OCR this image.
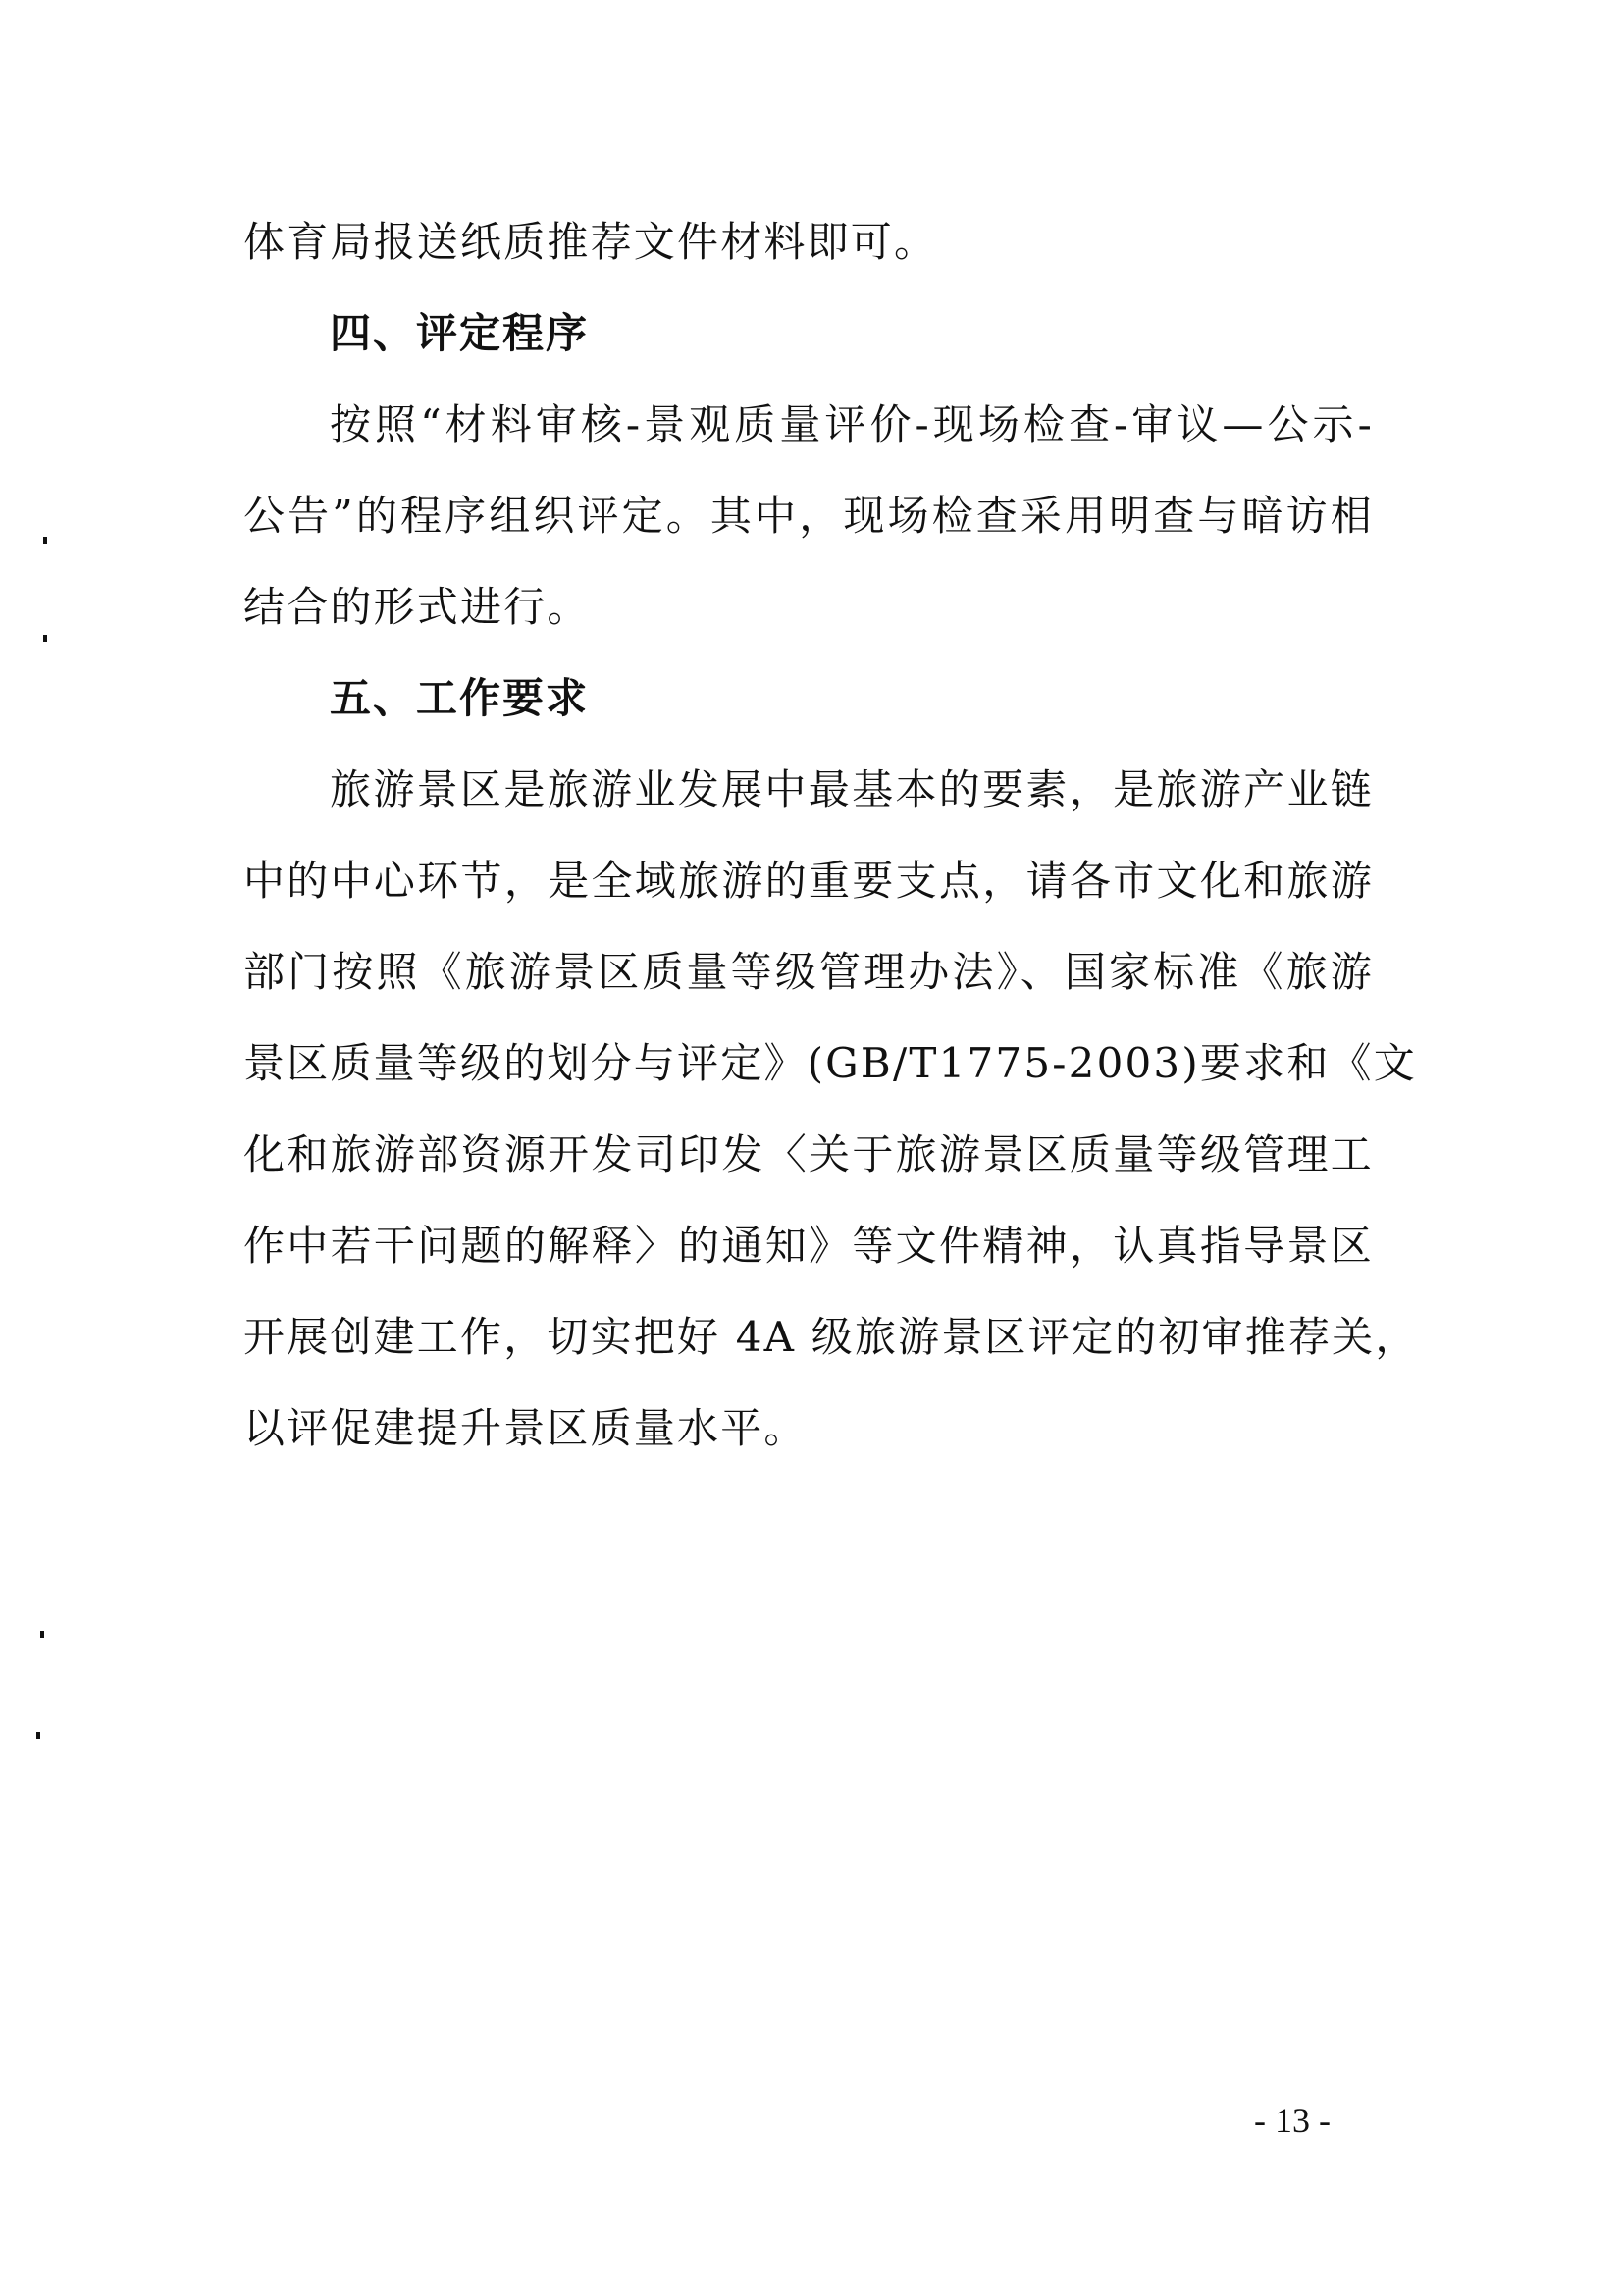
体育局报送纸质推荐文件材料即可。
四、评定程序
按照“材料审核-景观质量评价-现场检查-审议—公示-
公告”的程序组织评定。其中，现场检查采用明查与暗访相
结合的形式进行。
五、工作要求
旅游景区是旅游业发展中最基本的要素，是旅游产业链
中的中心环节，是全域旅游的重要支点，请各市文化和旅游
部门按照《旅游景区质量等级管理办法》、国家标准《旅游
景区质量等级的划分与评定》(GB/T1775-2003)要求和《文
化和旅游部资源开发司印发〈关于旅游景区质量等级管理工
作中若干问题的解释〉的通知》等文件精神，认真指导景区
开展创建工作，切实把好 4A 级旅游景区评定的初审推荐关，
以评促建提升景区质量水平。
- 13 -
